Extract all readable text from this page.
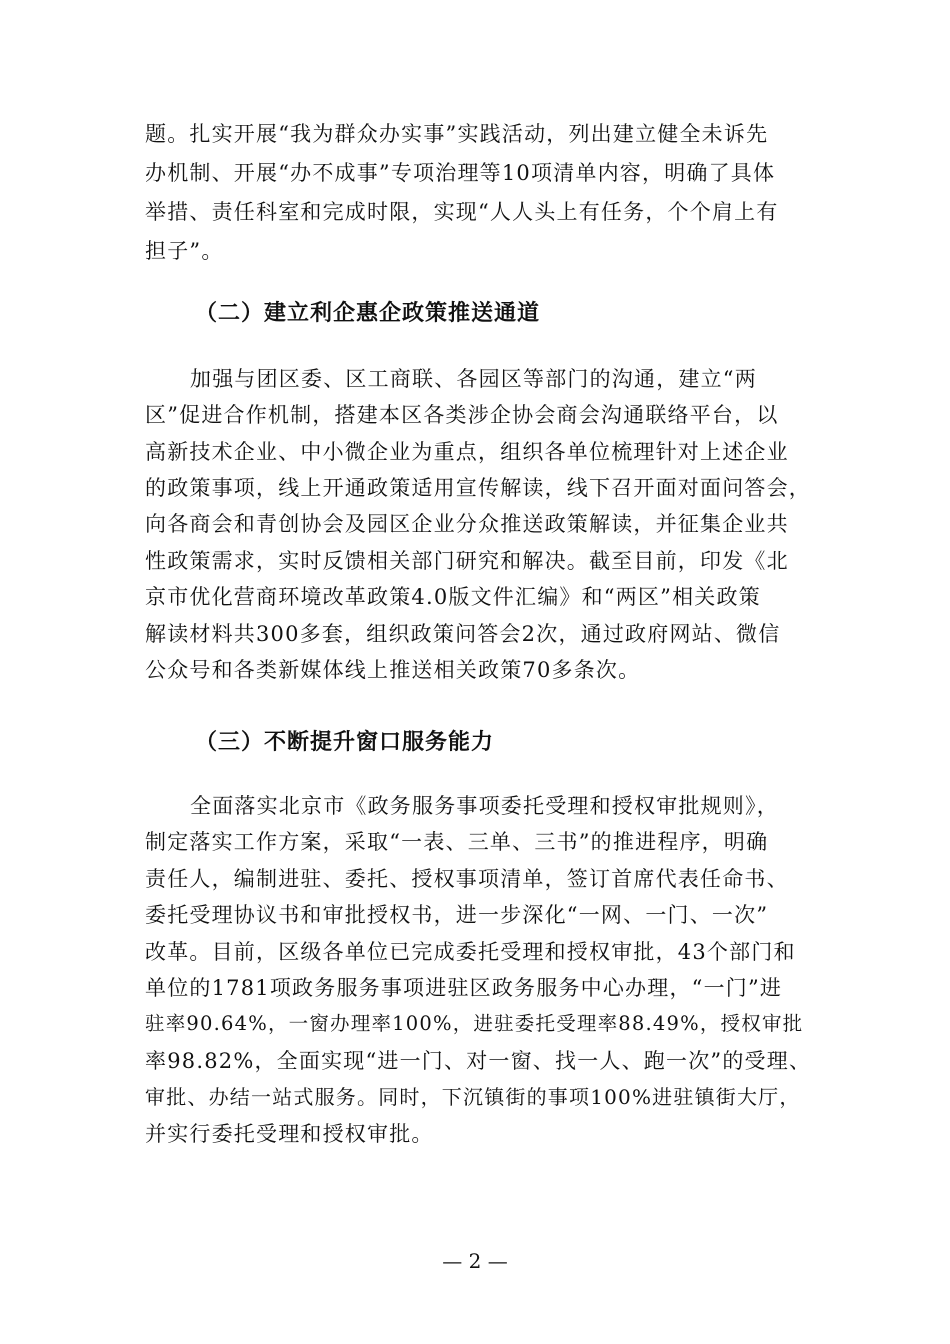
题。扎实开展“我为群众办实事”实践活动，列出建立健全未诉先
办机制、开展“办不成事”专项治理等10项清单内容，明确了具体
举措、责任科室和完成时限，实现“人人头上有任务，个个肩上有
担子”。
（二）建立利企惠企政策推送通道
加强与团区委、区工商联、各园区等部门的沟通，建立“两
区”促进合作机制，搭建本区各类涉企协会商会沟通联络平台，以
高新技术企业、中小微企业为重点，组织各单位梳理针对上述企业
的政策事项，线上开通政策适用宣传解读，线下召开面对面问答会，
向各商会和青创协会及园区企业分众推送政策解读，并征集企业共
性政策需求，实时反馈相关部门研究和解决。截至目前，印发《北
京市优化营商环境改革政策4.0版文件汇编》和“两区”相关政策
解读材料共300多套，组织政策问答会2次，通过政府网站、微信
公众号和各类新媒体线上推送相关政策70多条次。
（三）不断提升窗口服务能力
全面落实北京市《政务服务事项委托受理和授权审批规则》，
制定落实工作方案，采取“一表、三单、三书”的推进程序，明确
责任人，编制进驻、委托、授权事项清单，签订首席代表任命书、
委托受理协议书和审批授权书，进一步深化“一网、一门、一次”
改革。目前，区级各单位已完成委托受理和授权审批，43个部门和
单位的1781项政务服务事项进驻区政务服务中心办理，“一门”进
驻率90.64%，一窗办理率100%，进驻委托受理率88.49%，授权审批
率98.82%，全面实现“进一门、对一窗、找一人、跑一次”的受理、
审批、办结一站式服务。同时，下沉镇街的事项100%进驻镇街大厅，
并实行委托受理和授权审批。
— 2 —
